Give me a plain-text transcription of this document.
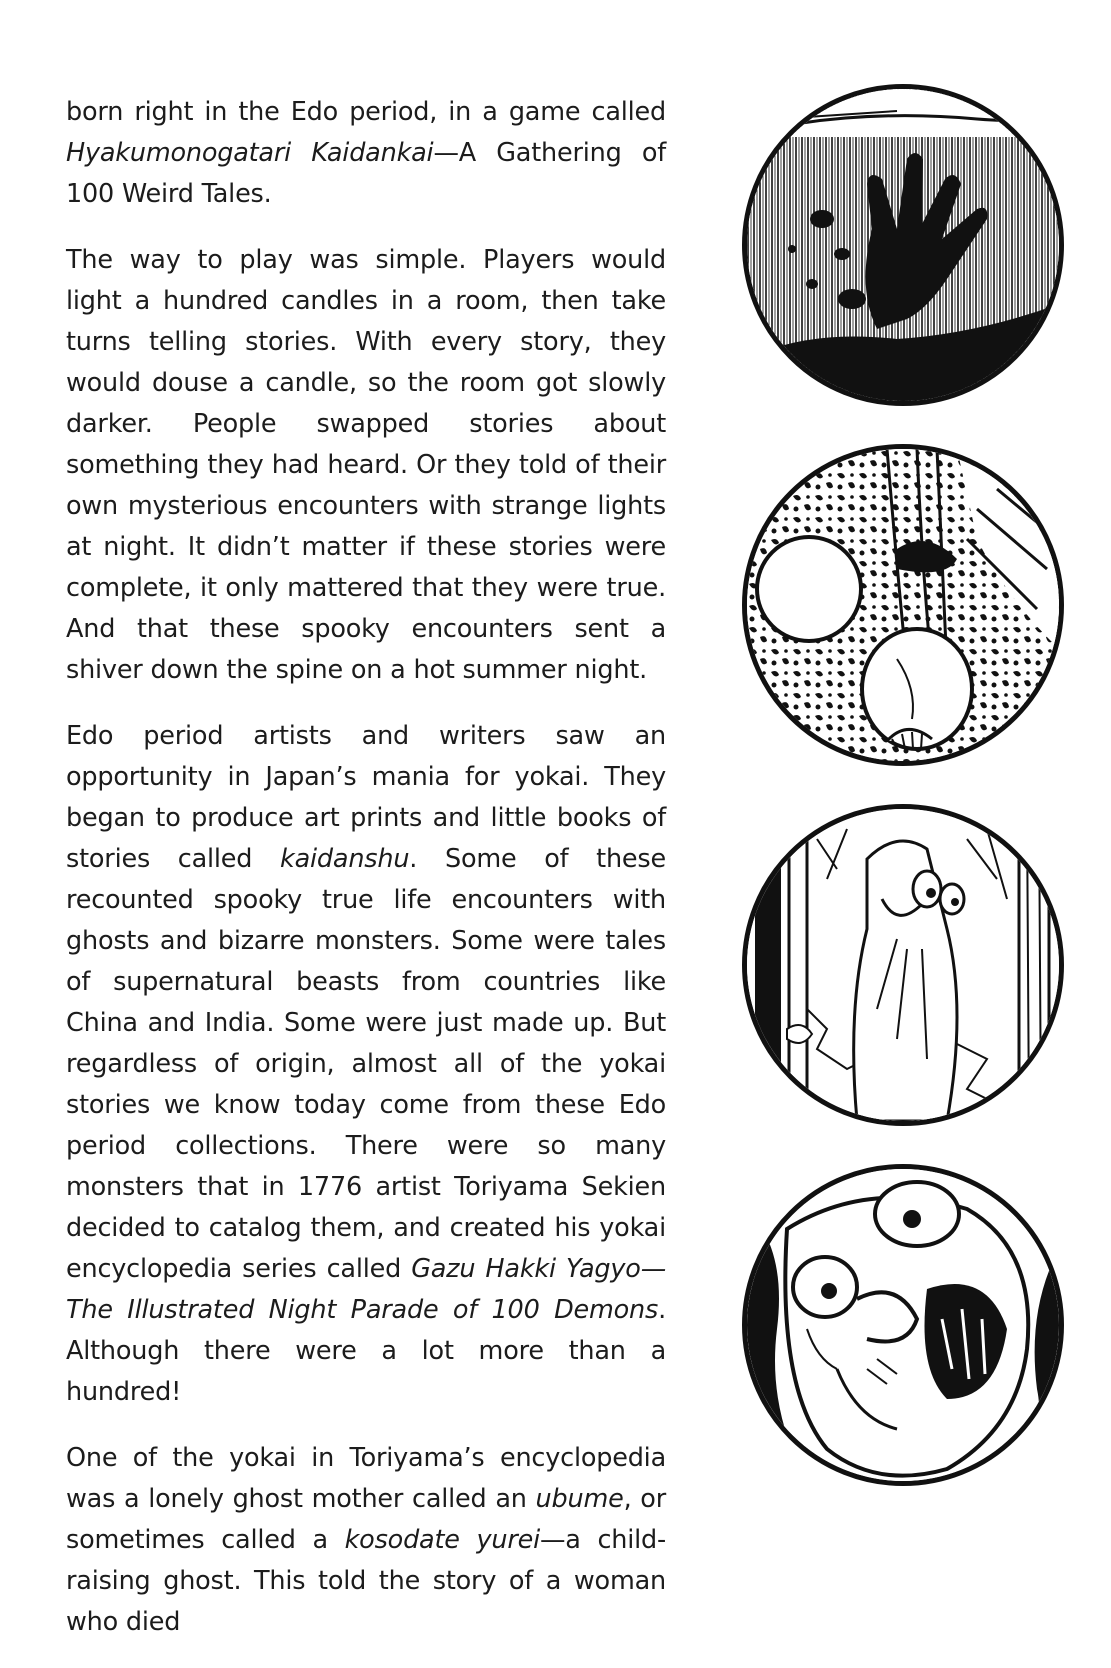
born right in the Edo period, in a game called Hyakumonogatari Kaidankai—A Gathering of 100 Weird Tales.

The way to play was simple. Players would light a hundred candles in a room, then take turns telling stories. With every story, they would douse a candle, so the room got slowly darker. People swapped stories about something they had heard. Or they told of their own mysterious encounters with strange lights at night. It didn’t matter if these stories were complete, it only mattered that they were true. And that these spooky encounters sent a shiver down the spine on a hot summer night.

Edo period artists and writers saw an opportunity in Japan’s mania for yokai. They began to produce art prints and little books of stories called kaidanshu. Some of these recounted spooky true life encounters with ghosts and bizarre monsters. Some were tales of supernatural beasts from countries like China and India. Some were just made up. But regardless of origin, almost all of the yokai stories we know today come from these Edo period collections. There were so many monsters that in 1776 artist Toriyama Sekien decided to catalog them, and created his yokai encyclopedia series called Gazu Hakki Yagyo—The Illustrated Night Parade of 100 Demons. Although there were a lot more than a hundred!

One of the yokai in Toriyama’s encyclopedia was a lonely ghost mother called an ubume, or sometimes called a kosodate yurei—a child-raising ghost. This told the story of a woman who died
